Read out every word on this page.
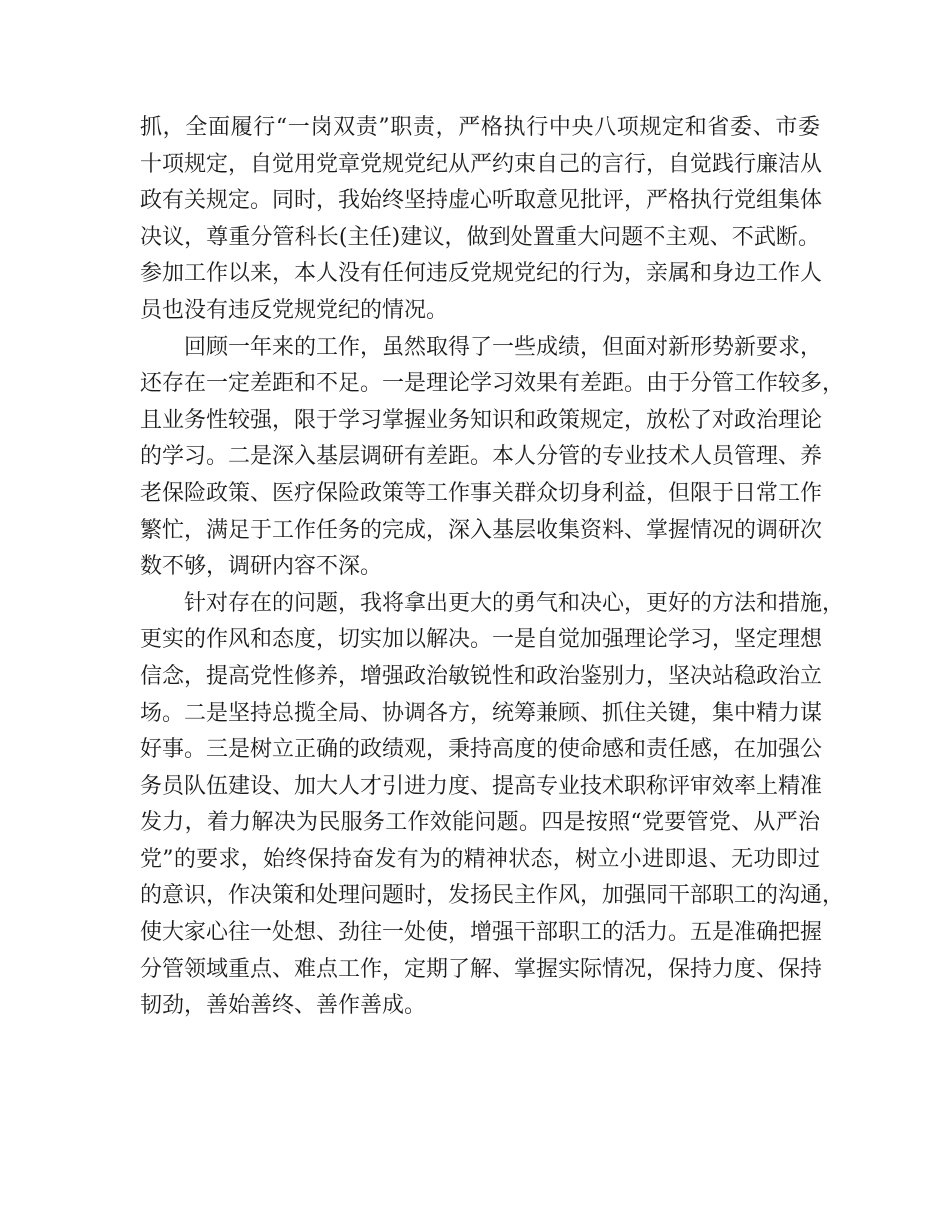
抓，全面履行“一岗双责”职责，严格执行中央八项规定和省委、市委
十项规定，自觉用党章党规党纪从严约束自己的言行，自觉践行廉洁从
政有关规定。同时，我始终坚持虚心听取意见批评，严格执行党组集体
决议，尊重分管科长(主任)建议，做到处置重大问题不主观、不武断。
参加工作以来，本人没有任何违反党规党纪的行为，亲属和身边工作人
员也没有违反党规党纪的情况。
回顾一年来的工作，虽然取得了一些成绩，但面对新形势新要求，
还存在一定差距和不足。一是理论学习效果有差距。由于分管工作较多，
且业务性较强，限于学习掌握业务知识和政策规定，放松了对政治理论
的学习。二是深入基层调研有差距。本人分管的专业技术人员管理、养
老保险政策、医疗保险政策等工作事关群众切身利益，但限于日常工作
繁忙，满足于工作任务的完成，深入基层收集资料、掌握情况的调研次
数不够，调研内容不深。
针对存在的问题，我将拿出更大的勇气和决心，更好的方法和措施，
更实的作风和态度，切实加以解决。一是自觉加强理论学习，坚定理想
信念，提高党性修养，增强政治敏锐性和政治鉴别力，坚决站稳政治立
场。二是坚持总揽全局、协调各方，统筹兼顾、抓住关键，集中精力谋
好事。三是树立正确的政绩观，秉持高度的使命感和责任感，在加强公
务员队伍建设、加大人才引进力度、提高专业技术职称评审效率上精准
发力，着力解决为民服务工作效能问题。四是按照“党要管党、从严治
党”的要求，始终保持奋发有为的精神状态，树立小进即退、无功即过
的意识，作决策和处理问题时，发扬民主作风，加强同干部职工的沟通，
使大家心往一处想、劲往一处使，增强干部职工的活力。五是准确把握
分管领域重点、难点工作，定期了解、掌握实际情况，保持力度、保持
韧劲，善始善终、善作善成。
